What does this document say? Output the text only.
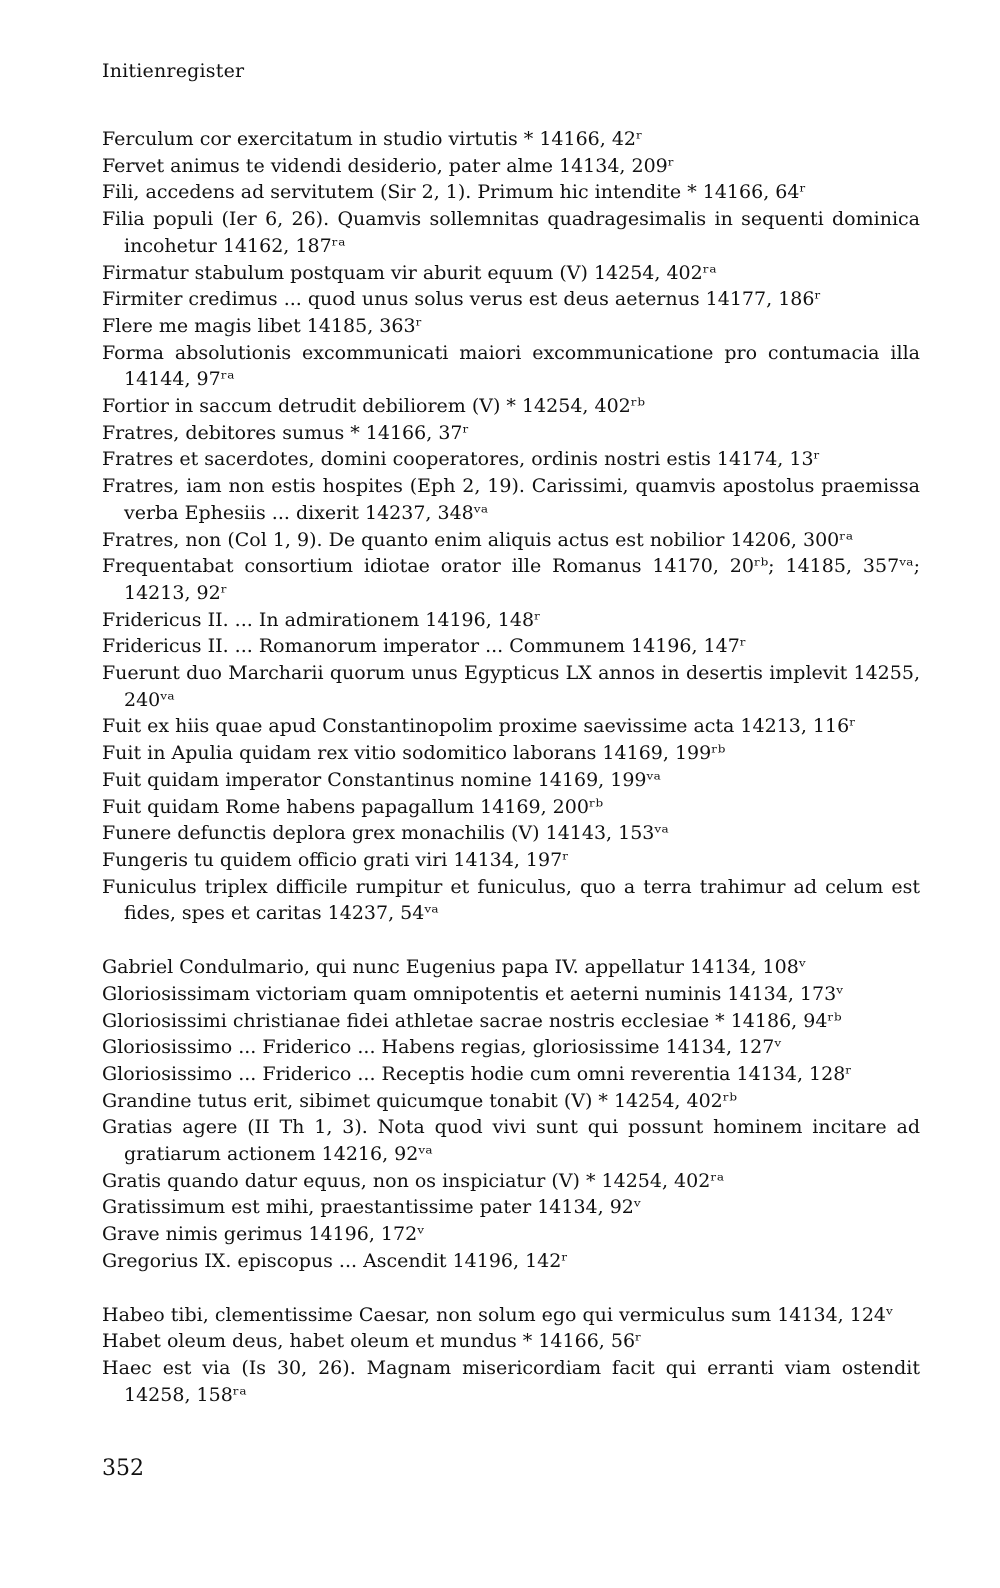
Initienregister
Ferculum cor exercitatum in studio virtutis * 14166, 42ʳ
Fervet animus te videndi desiderio, pater alme 14134, 209ʳ
Fili, accedens ad servitutem (Sir 2, 1). Primum hic intendite * 14166, 64ʳ
Filia populi (Ier 6, 26). Quamvis sollemnitas quadragesimalis in sequenti dominica incohetur 14162, 187ʳᵃ
Firmatur stabulum postquam vir aburit equum (V) 14254, 402ʳᵃ
Firmiter credimus ... quod unus solus verus est deus aeternus 14177, 186ʳ
Flere me magis libet 14185, 363ʳ
Forma absolutionis excommunicati maiori excommunicatione pro contumacia illa 14144, 97ʳᵃ
Fortior in saccum detrudit debiliorem (V) * 14254, 402ʳᵇ
Fratres, debitores sumus * 14166, 37ʳ
Fratres et sacerdotes, domini cooperatores, ordinis nostri estis 14174, 13ʳ
Fratres, iam non estis hospites (Eph 2, 19). Carissimi, quamvis apostolus praemissa verba Ephesiis ... dixerit 14237, 348ᵛᵃ
Fratres, non (Col 1, 9). De quanto enim aliquis actus est nobilior 14206, 300ʳᵃ
Frequentabat consortium idiotae orator ille Romanus 14170, 20ʳᵇ; 14185, 357ᵛᵃ; 14213, 92ʳ
Fridericus II. ... In admirationem 14196, 148ʳ
Fridericus II. ... Romanorum imperator ... Communem 14196, 147ʳ
Fuerunt duo Marcharii quorum unus Egypticus LX annos in desertis implevit 14255, 240ᵛᵃ
Fuit ex hiis quae apud Constantinopolim proxime saevissime acta 14213, 116ʳ
Fuit in Apulia quidam rex vitio sodomitico laborans 14169, 199ʳᵇ
Fuit quidam imperator Constantinus nomine 14169, 199ᵛᵃ
Fuit quidam Rome habens papagallum 14169, 200ʳᵇ
Funere defunctis deplora grex monachilis (V) 14143, 153ᵛᵃ
Fungeris tu quidem officio grati viri 14134, 197ʳ
Funiculus triplex difficile rumpitur et funiculus, quo a terra trahimur ad celum est fides, spes et caritas 14237, 54ᵛᵃ
Gabriel Condulmario, qui nunc Eugenius papa IV. appellatur 14134, 108ᵛ
Gloriosissimam victoriam quam omnipotentis et aeterni numinis 14134, 173ᵛ
Gloriosissimi christianae fidei athletae sacrae nostris ecclesiae * 14186, 94ʳᵇ
Gloriosissimo ... Friderico ... Habens regias, gloriosissime 14134, 127ᵛ
Gloriosissimo ... Friderico ... Receptis hodie cum omni reverentia 14134, 128ʳ
Grandine tutus erit, sibimet quicumque tonabit (V) * 14254, 402ʳᵇ
Gratias agere (II Th 1, 3). Nota quod vivi sunt qui possunt hominem incitare ad gratiarum actionem 14216, 92ᵛᵃ
Gratis quando datur equus, non os inspiciatur (V) * 14254, 402ʳᵃ
Gratissimum est mihi, praestantissime pater 14134, 92ᵛ
Grave nimis gerimus 14196, 172ᵛ
Gregorius IX. episcopus ... Ascendit 14196, 142ʳ
Habeo tibi, clementissime Caesar, non solum ego qui vermiculus sum 14134, 124ᵛ
Habet oleum deus, habet oleum et mundus * 14166, 56ʳ
Haec est via (Is 30, 26). Magnam misericordiam facit qui erranti viam ostendit 14258, 158ʳᵃ
352
